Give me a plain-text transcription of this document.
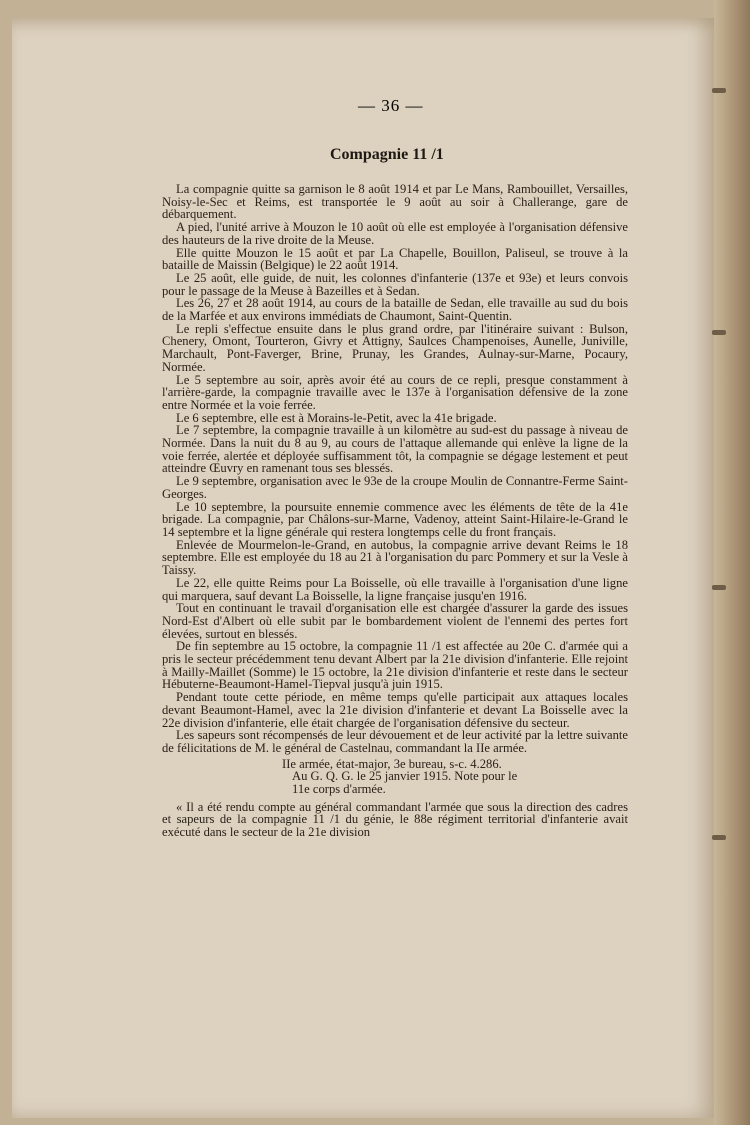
— 36 —
Compagnie 11 /1

La compagnie quitte sa garnison le 8 août 1914 et par Le Mans, Rambouillet, Versailles, Noisy-le-Sec et Reims, est transportée le 9 août au soir à Challerange, gare de débarquement.

A pied, l'unité arrive à Mouzon le 10 août où elle est employée à l'organisation défensive des hauteurs de la rive droite de la Meuse.

Elle quitte Mouzon le 15 août et par La Chapelle, Bouillon, Paliseul, se trouve à la bataille de Maissin (Belgique) le 22 août 1914.

Le 25 août, elle guide, de nuit, les colonnes d'infanterie (137e et 93e) et leurs convois pour le passage de la Meuse à Bazeilles et à Sedan.

Les 26, 27 et 28 août 1914, au cours de la bataille de Sedan, elle travaille au sud du bois de la Marfée et aux environs immédiats de Chaumont, Saint-Quentin.

Le repli s'effectue ensuite dans le plus grand ordre, par l'itinéraire suivant : Bulson, Chenery, Omont, Tourteron, Givry et Attigny, Saulces Champenoises, Aunelle, Juniville, Marchault, Pont-Faverger, Brine, Prunay, les Grandes, Aulnay-sur-Marne, Pocaury, Normée.

Le 5 septembre au soir, après avoir été au cours de ce repli, presque constamment à l'arrière-garde, la compagnie travaille avec le 137e à l'organisation défensive de la zone entre Normée et la voie ferrée.

Le 6 septembre, elle est à Morains-le-Petit, avec la 41e brigade.

Le 7 septembre, la compagnie travaille à un kilomètre au sud-est du passage à niveau de Normée. Dans la nuit du 8 au 9, au cours de l'attaque allemande qui enlève la ligne de la voie ferrée, alertée et déployée suffisamment tôt, la compagnie se dégage lestement et peut atteindre Œuvry en ramenant tous ses blessés.

Le 9 septembre, organisation avec le 93e de la croupe Moulin de Connantre-Ferme Saint-Georges.

Le 10 septembre, la poursuite ennemie commence avec les éléments de tête de la 41e brigade. La compagnie, par Châlons-sur-Marne, Vadenoy, atteint Saint-Hilaire-le-Grand le 14 septembre et la ligne générale qui restera longtemps celle du front français.

Enlevée de Mourmelon-le-Grand, en autobus, la compagnie arrive devant Reims le 18 septembre. Elle est employée du 18 au 21 à l'organisation du parc Pommery et sur la Vesle à Taissy.

Le 22, elle quitte Reims pour La Boisselle, où elle travaille à l'organisation d'une ligne qui marquera, sauf devant La Boisselle, la ligne française jusqu'en 1916.

Tout en continuant le travail d'organisation elle est chargée d'assurer la garde des issues Nord-Est d'Albert où elle subit par le bombardement violent de l'ennemi des pertes fort élevées, surtout en blessés.

De fin septembre au 15 octobre, la compagnie 11 /1 est affectée au 20e C. d'armée qui a pris le secteur précédemment tenu devant Albert par la 21e division d'infanterie. Elle rejoint à Mailly-Maillet (Somme) le 15 octobre, la 21e division d'infanterie et reste dans le secteur Hébuterne-Beaumont-Hamel-Tiepval jusqu'à juin 1915.

Pendant toute cette période, en même temps qu'elle participait aux attaques locales devant Beaumont-Hamel, avec la 21e division d'infanterie et devant La Boisselle avec la 22e division d'infanterie, elle était chargée de l'organisation défensive du secteur.

Les sapeurs sont récompensés de leur dévouement et de leur activité par la lettre suivante de félicitations de M. le général de Castelnau, commandant la IIe armée.

IIe armée, état-major, 3e bureau, s-c. 4.286.
Au G. Q. G. le 25 janvier 1915. Note pour le
11e corps d'armée.

« Il a été rendu compte au général commandant l'armée que sous la direction des cadres et sapeurs de la compagnie 11 /1 du génie, le 88e régiment territorial d'infanterie avait exécuté dans le secteur de la 21e division
